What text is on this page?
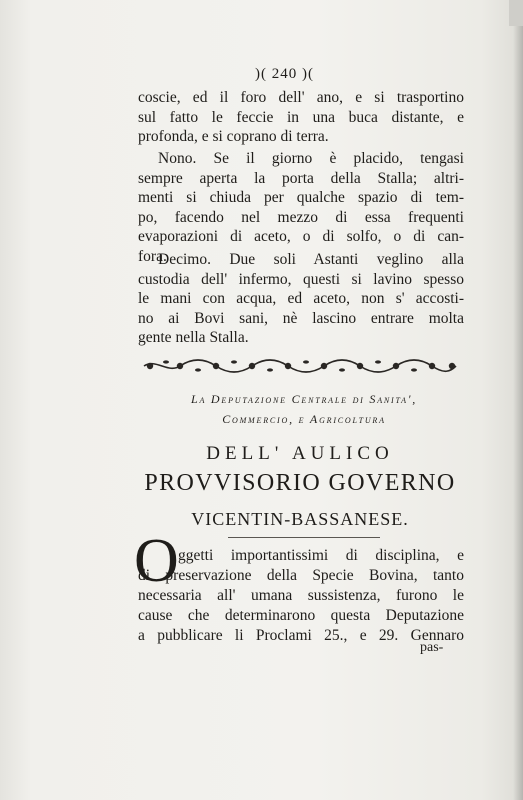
)( 240 )(
coscie, ed il foro dell' ano, e si trasportino
sul fatto le feccie in una buca distante, e
profonda, e si coprano di terra.
Nono. Se il giorno è placido, tengasi
sempre aperta la porta della Stalla; altri-
menti si chiuda per qualche spazio di tem-
po, facendo nel mezzo di essa frequenti
evaporazioni di aceto, o di solfo, o di can-
fora.
Decimo. Due soli Astanti veglino alla
custodia dell' infermo, questi si lavino spesso
le mani con acqua, ed aceto, non s' accosti-
no ai Bovi sani, nè lascino entrare molta
gente nella Stalla.
La Deputazione Centrale di Sanita',
Commercio, e Agricoltura
DELL' AULICO
PROVVISORIO GOVERNO
VICENTIN-BASSANESE.
O ggetti importantissimi di disciplina, e
di preservazione della Specie Bovina, tanto
necessaria all' umana sussistenza, furono le
cause che determinarono questa Deputazione
a pubblicare li Proclami 25., e 29. Gennaro
pas-
